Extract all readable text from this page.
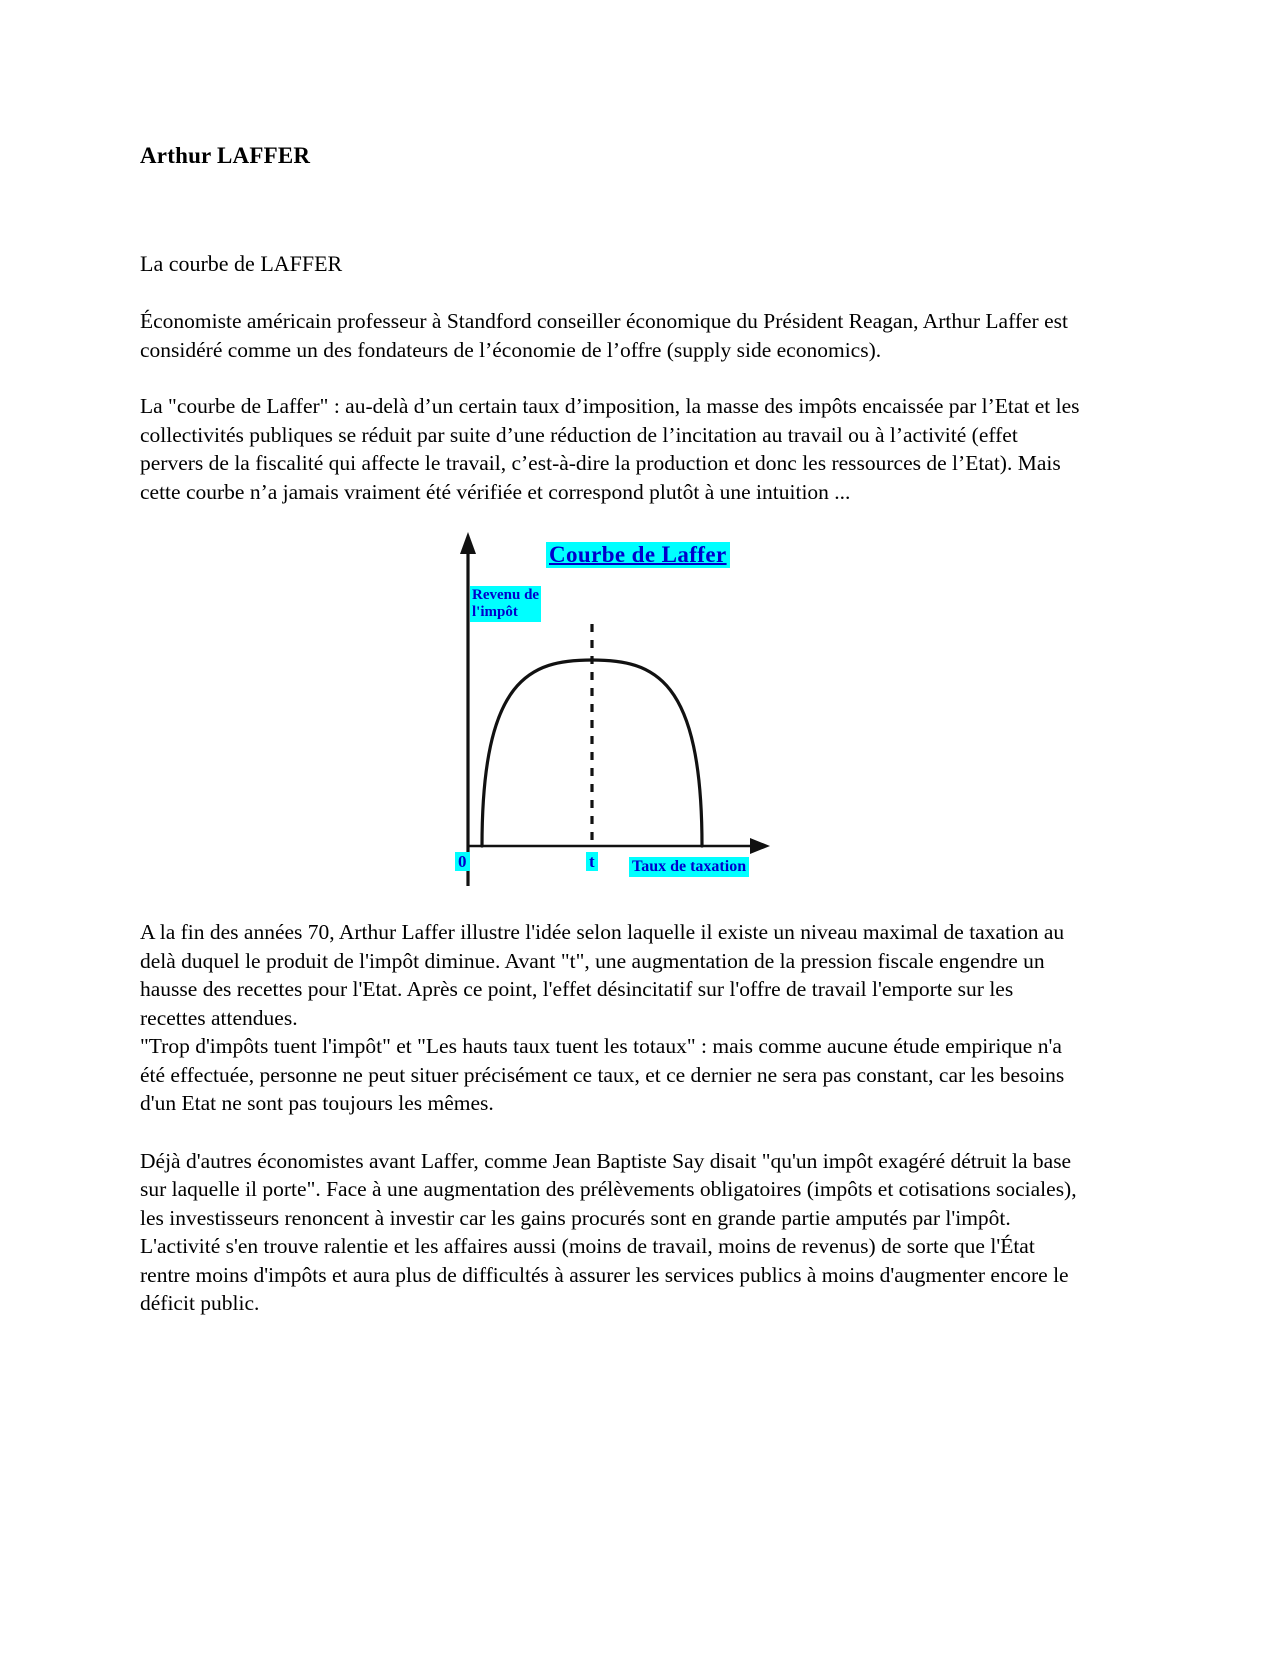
Arthur LAFFER

La courbe de LAFFER

Économiste américain professeur à Standford conseiller économique du Président Reagan, Arthur Laffer est considéré comme un des fondateurs de l’économie de l’offre (supply side economics).

La "courbe de Laffer" : au-delà d’un certain taux d’imposition, la masse des impôts encaissée par l’Etat et les collectivités publiques se réduit par suite d’une réduction de l’incitation au travail ou à l’activité (effet pervers de la fiscalité qui affecte le travail, c’est-à-dire la production et donc les ressources de l’Etat). Mais cette courbe n’a jamais vraiment été vérifiée et correspond plutôt à une intuition ...

Courbe de Laffer
Revenu de
l'impôt
0	t Taux de taxation

A la fin des années 70, Arthur Laffer illustre l'idée selon laquelle il existe un niveau maximal de taxation au delà duquel le produit de l'impôt diminue. Avant "t", une augmentation de la pression fiscale engendre un hausse des recettes pour l'Etat. Après ce point, l'effet désincitatif sur l'offre de travail l'emporte sur les recettes attendues.

"Trop d'impôts tuent l'impôt" et "Les hauts taux tuent les totaux" : mais comme aucune étude empirique n'a été effectuée, personne ne peut situer précisément ce taux, et ce dernier ne sera pas constant, car les besoins d'un Etat ne sont pas toujours les mêmes.

Déjà d'autres économistes avant Laffer, comme Jean Baptiste Say disait "qu'un impôt exagéré détruit la base sur laquelle il porte". Face à une augmentation des prélèvements obligatoires (impôts et cotisations sociales), les investisseurs renoncent à investir car les gains procurés sont en grande partie amputés par l'impôt. L'activité s'en trouve ralentie et les affaires aussi (moins de travail, moins de revenus) de sorte que l'État rentre moins d'impôts et aura plus de difficultés à assurer les services publics à moins d'augmenter encore le déficit public.
